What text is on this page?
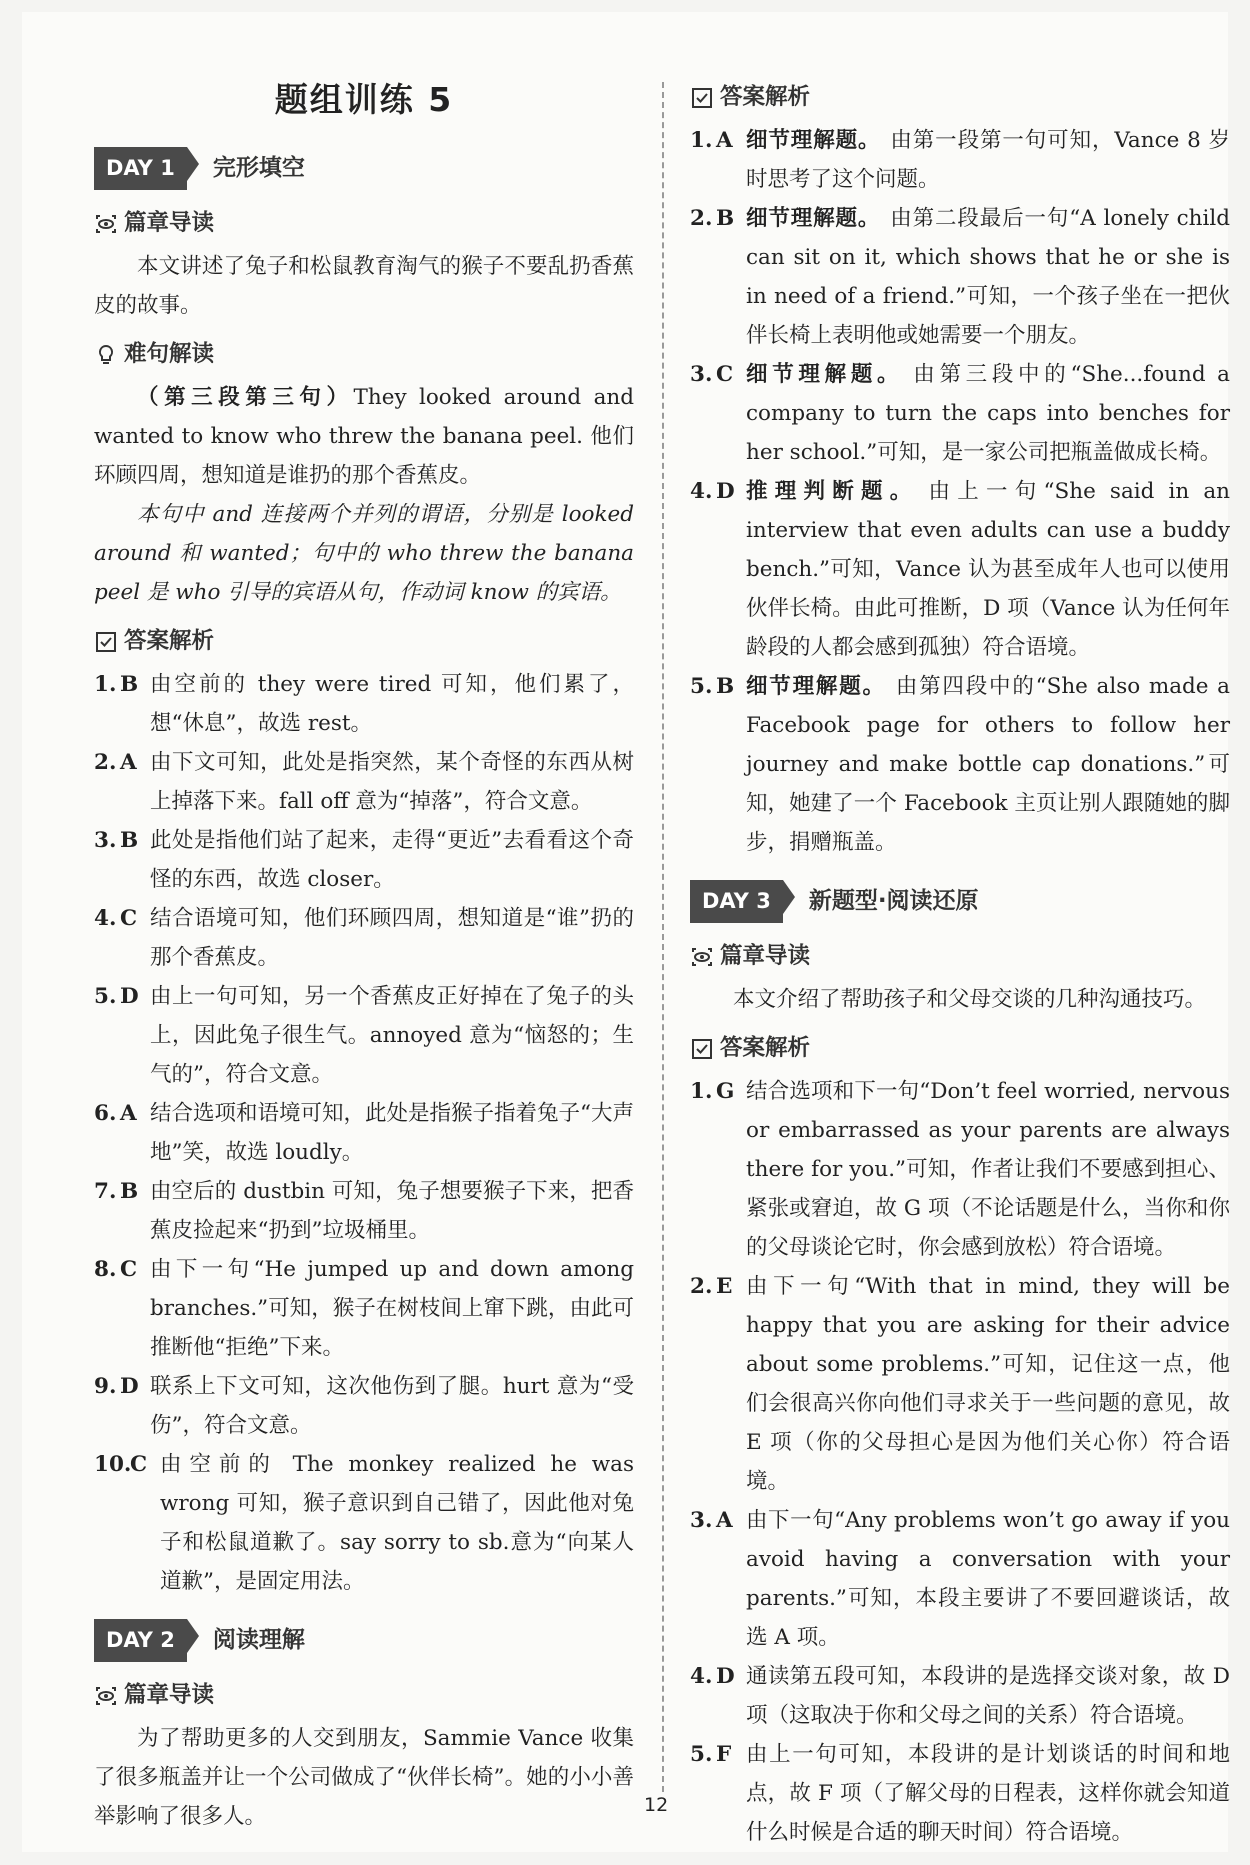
题组训练 5
DAY 1	完形填空
篇章导读

本文讲述了兔子和松鼠教育淘气的猴子不要乱扔香蕉皮的故事。

难句解读

（第三段第三句）They looked around and wanted to know who threw the banana peel. 他们环顾四周，想知道是谁扔的那个香蕉皮。

本句中 and 连接两个并列的谓语，分别是 looked around 和 wanted；句中的 who threw the banana peel 是 who 引导的宾语从句，作动词 know 的宾语。

答案解析
1. B 由空前的 they were tired 可知，他们累了，想“休息”，故选 rest。
2. A 由下文可知，此处是指突然，某个奇怪的东西从树上掉落下来。fall off 意为“掉落”，符合文意。
3. B 此处是指他们站了起来，走得“更近”去看看这个奇怪的东西，故选 closer。
4. C 结合语境可知，他们环顾四周，想知道是“谁”扔的那个香蕉皮。
5. D 由上一句可知，另一个香蕉皮正好掉在了兔子的头上，因此兔子很生气。annoyed 意为“恼怒的；生气的”，符合文意。
6. A 结合选项和语境可知，此处是指猴子指着兔子“大声地”笑，故选 loudly。
7. B 由空后的 dustbin 可知，兔子想要猴子下来，把香蕉皮捡起来“扔到”垃圾桶里。
8. C 由下一句“He jumped up and down among branches.”可知，猴子在树枝间上窜下跳，由此可推断他“拒绝”下来。
9. D 联系上下文可知，这次他伤到了腿。hurt 意为“受伤”，符合文意。
10.
C 由空前的 The monkey realized he was wrong 可知，猴子意识到自己错了，因此他对兔子和松鼠道歉了。say sorry to sb.意为“向某人道歉”，是固定用法。
DAY 2	阅读理解
篇章导读

为了帮助更多的人交到朋友，Sammie Vance 收集了很多瓶盖并让一个公司做成了“伙伴长椅”。她的小小善举影响了很多人。

答案解析
1. A 细节理解题。 由第一段第一句可知，Vance 8 岁时思考了这个问题。
2. B 细节理解题。 由第二段最后一句“A lonely child can sit on it, which shows that he or she is in need of a friend.”可知，一个孩子坐在一把伙伴长椅上表明他或她需要一个朋友。
3. C 细节理解题。 由第三段中的“She...found a company to turn the caps into benches for her school.”可知，是一家公司把瓶盖做成长椅。
4. D 推理判断题。 由上一句“She said in an interview that even adults can use a buddy bench.”可知，Vance 认为甚至成年人也可以使用伙伴长椅。由此可推断，D 项（Vance 认为任何年龄段的人都会感到孤独）符合语境。
5. B 细节理解题。 由第四段中的“She also made a Facebook page for others to follow her journey and make bottle cap donations.”可知，她建了一个 Facebook 主页让别人跟随她的脚步，捐赠瓶盖。
DAY 3	新题型·阅读还原
篇章导读

本文介绍了帮助孩子和父母交谈的几种沟通技巧。

答案解析
1. G 结合选项和下一句“Don’t feel worried, nervous or embarrassed as your parents are always there for you.”可知，作者让我们不要感到担心、紧张或窘迫，故 G 项（不论话题是什么，当你和你的父母谈论它时，你会感到放松）符合语境。
2. E 由下一句“With that in mind, they will be happy that you are asking for their advice about some problems.”可知，记住这一点，他们会很高兴你向他们寻求关于一些问题的意见，故 E 项（你的父母担心是因为他们关心你）符合语境。
3. A 由下一句“Any problems won’t go away if you avoid having a conversation with your parents.”可知，本段主要讲了不要回避谈话，故选 A 项。
4. D 通读第五段可知，本段讲的是选择交谈对象，故 D 项（这取决于你和父母之间的关系）符合语境。
5. F 由上一句可知，本段讲的是计划谈话的时间和地点，故 F 项（了解父母的日程表，这样你就会知道什么时候是合适的聊天时间）符合语境。
12
